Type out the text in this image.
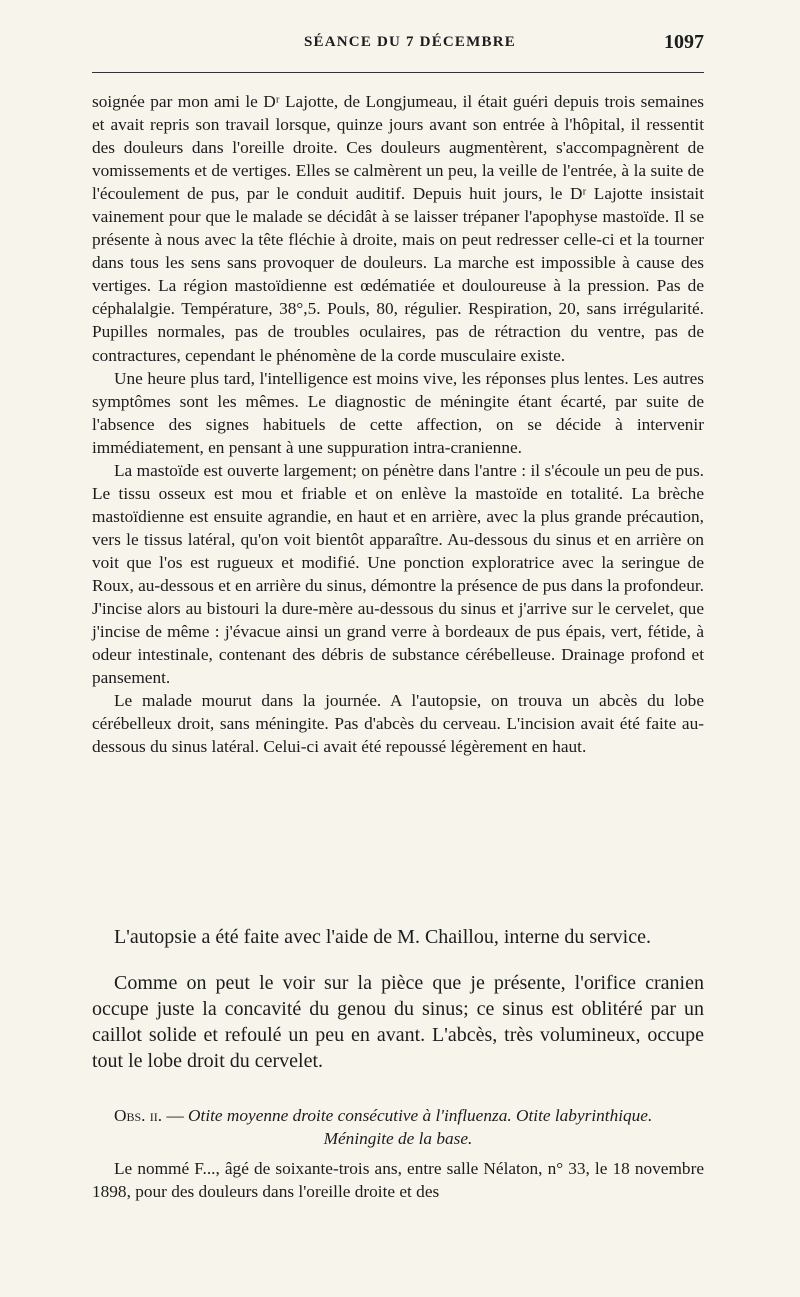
SÉANCE DU 7 DÉCEMBRE	1097

soignée par mon ami le Dʳ Lajotte, de Longjumeau, il était guéri depuis trois semaines et avait repris son travail lorsque, quinze jours avant son entrée à l'hôpital, il ressentit des douleurs dans l'oreille droite. Ces douleurs augmentèrent, s'accompagnèrent de vomissements et de vertiges. Elles se calmèrent un peu, la veille de l'entrée, à la suite de l'écoulement de pus, par le conduit auditif. Depuis huit jours, le Dʳ Lajotte insistait vainement pour que le malade se décidât à se laisser trépaner l'apophyse mastoïde. Il se présente à nous avec la tête fléchie à droite, mais on peut redresser celle-ci et la tourner dans tous les sens sans provoquer de douleurs. La marche est impossible à cause des vertiges. La région mastoïdienne est œdématiée et douloureuse à la pression. Pas de céphalalgie. Température, 38°,5. Pouls, 80, régulier. Respiration, 20, sans irrégularité. Pupilles normales, pas de troubles oculaires, pas de rétraction du ventre, pas de contractures, cependant le phénomène de la corde musculaire existe.

Une heure plus tard, l'intelligence est moins vive, les réponses plus lentes. Les autres symptômes sont les mêmes. Le diagnostic de méningite étant écarté, par suite de l'absence des signes habituels de cette affection, on se décide à intervenir immédiatement, en pensant à une suppuration intra-cranienne.

La mastoïde est ouverte largement; on pénètre dans l'antre : il s'écoule un peu de pus. Le tissu osseux est mou et friable et on enlève la mastoïde en totalité. La brèche mastoïdienne est ensuite agrandie, en haut et en arrière, avec la plus grande précaution, vers le tissus latéral, qu'on voit bientôt apparaître. Au-dessous du sinus et en arrière on voit que l'os est rugueux et modifié. Une ponction exploratrice avec la seringue de Roux, au-dessous et en arrière du sinus, démontre la présence de pus dans la profondeur. J'incise alors au bistouri la dure-mère au-dessous du sinus et j'arrive sur le cervelet, que j'incise de même : j'évacue ainsi un grand verre à bordeaux de pus épais, vert, fétide, à odeur intestinale, contenant des débris de substance cérébelleuse. Drainage profond et pansement.

Le malade mourut dans la journée. A l'autopsie, on trouva un abcès du lobe cérébelleux droit, sans méningite. Pas d'abcès du cerveau. L'incision avait été faite au-dessous du sinus latéral. Celui-ci avait été repoussé légèrement en haut.

L'autopsie a été faite avec l'aide de M. Chaillou, interne du service.

Comme on peut le voir sur la pièce que je présente, l'orifice cranien occupe juste la concavité du genou du sinus; ce sinus est oblitéré par un caillot solide et refoulé un peu en avant. L'abcès, très volumineux, occupe tout le lobe droit du cervelet.

Obs. ii. — Otite moyenne droite consécutive à l'influenza. Otite labyrinthique.
Méningite de la base.

Le nommé F..., âgé de soixante-trois ans, entre salle Nélaton, n° 33, le 18 novembre 1898, pour des douleurs dans l'oreille droite et des
